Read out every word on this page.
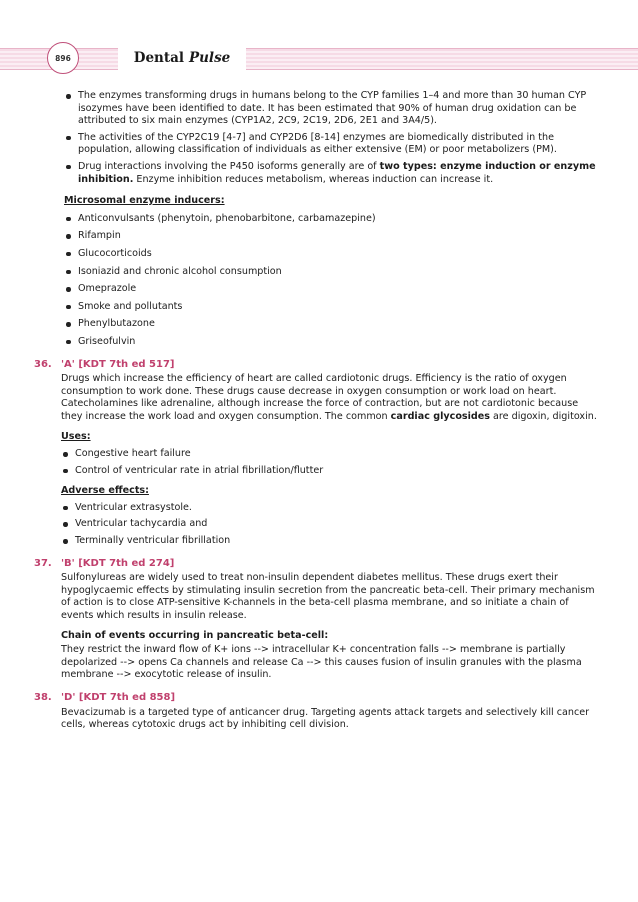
896	Dental Pulse
The enzymes transforming drugs in humans belong to the CYP families 1–4 and more than 30 human CYP isozymes have been identified to date. It has been estimated that 90% of human drug oxidation can be attributed to six main enzymes (CYP1A2, 2C9, 2C19, 2D6, 2E1 and 3A4/5).
The activities of the CYP2C19 [4-7] and CYP2D6 [8-14] enzymes are biomedically distributed in the population, allowing classification of individuals as either extensive (EM) or poor metabolizers (PM).
Drug interactions involving the P450 isoforms generally are of two types: enzyme induction or enzyme inhibition. Enzyme inhibition reduces metabolism, whereas induction can increase it.
Microsomal enzyme inducers:
Anticonvulsants (phenytoin, phenobarbitone, carbamazepine)
Rifampin
Glucocorticoids
Isoniazid and chronic alcohol consumption
Omeprazole
Smoke and pollutants
Phenylbutazone
Griseofulvin
36. 'A' [KDT 7th ed 517]

Drugs which increase the efficiency of heart are called cardiotonic drugs. Efficiency is the ratio of oxygen consumption to work done. These drugs cause decrease in oxygen consumption or work load on heart. Catecholamines like adrenaline, although increase the force of contraction, but are not cardiotonic because they increase the work load and oxygen consumption. The common cardiac glycosides are digoxin, digitoxin.

Uses:
Congestive heart failure
Control of ventricular rate in atrial fibrillation/flutter
Adverse effects:
Ventricular extrasystole.
Ventricular tachycardia and
Terminally ventricular fibrillation
37. 'B' [KDT 7th ed 274]

Sulfonylureas are widely used to treat non-insulin dependent diabetes mellitus. These drugs exert their hypoglycaemic effects by stimulating insulin secretion from the pancreatic beta-cell. Their primary mechanism of action is to close ATP-sensitive K-channels in the beta-cell plasma membrane, and so initiate a chain of events which results in insulin release.

Chain of events occurring in pancreatic beta-cell:

They restrict the inward flow of K+ ions --> intracellular K+ concentration falls --> membrane is partially depolarized --> opens Ca channels and release Ca --> this causes fusion of insulin granules with the plasma membrane --> exocytotic release of insulin.

38. 'D' [KDT 7th ed 858]

Bevacizumab is a targeted type of anticancer drug. Targeting agents attack targets and selectively kill cancer cells, whereas cytotoxic drugs act by inhibiting cell division.
